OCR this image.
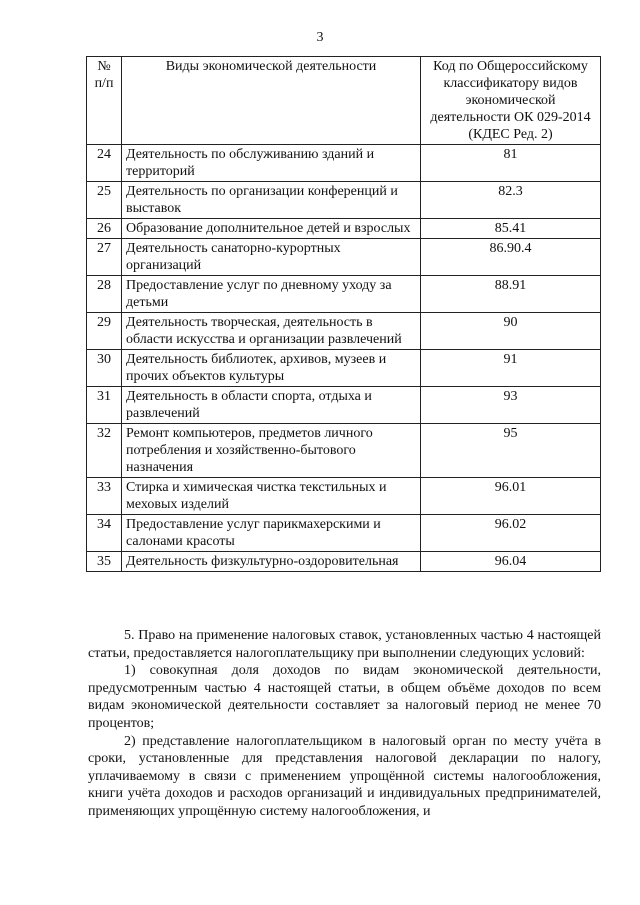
3
№ п/п	Виды экономической деятельности	Код по Общероссийскому классификатору видов экономической деятельности ОК 029-2014 (КДЕС Ред. 2)
24	Деятельность по обслуживанию зданий и территорий	81
25	Деятельность по организации конференций и выставок	82.3
26	Образование дополнительное детей и взрослых	85.41
27	Деятельность санаторно-курортных организаций	86.90.4
28	Предоставление услуг по дневному уходу за детьми	88.91
29	Деятельность творческая, деятельность в области искусства и организации развлечений	90
30	Деятельность библиотек, архивов, музеев и прочих объектов культуры	91
31	Деятельность в области спорта, отдыха и развлечений	93
32	Ремонт компьютеров, предметов личного потребления и хозяйственно-бытового назначения	95
33	Стирка и химическая чистка текстильных и меховых изделий	96.01
34	Предоставление услуг парикмахерскими и салонами красоты	96.02
35	Деятельность физкультурно-оздоровительная	96.04

5. Право на применение налоговых ставок, установленных частью 4 настоящей статьи, предоставляется налогоплательщику при выполнении следующих условий:

1) совокупная доля доходов по видам экономической деятельности, предусмотренным частью 4 настоящей статьи, в общем объёме доходов по всем видам экономической деятельности составляет за налоговый период не менее 70 процентов;

2) представление налогоплательщиком в налоговый орган по месту учёта в сроки, установленные для представления налоговой декларации по налогу, уплачиваемому в связи с применением упрощённой системы налогообложения, книги учёта доходов и расходов организаций и индивидуальных предпринимателей, применяющих упрощённую систему налогообложения, и
